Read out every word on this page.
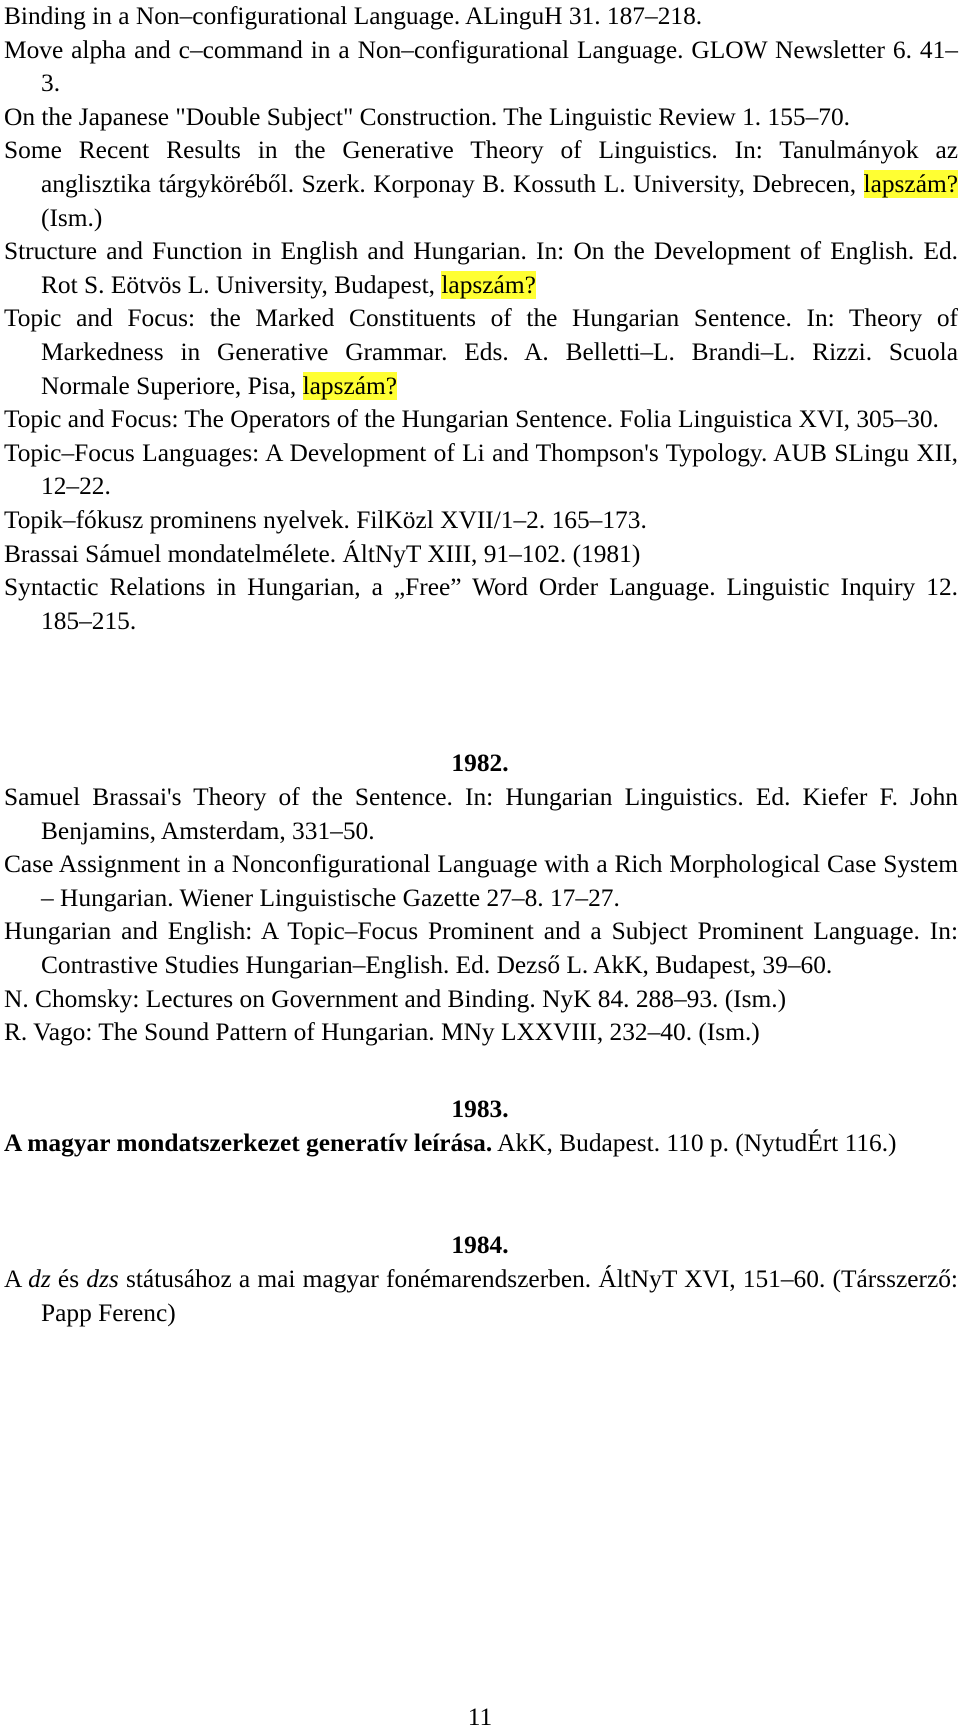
Binding in a Non–configurational Language. ALinguH 31. 187–218.

Move alpha and c–command in a Non–configurational Language. GLOW Newsletter 6. 41–3.

On the Japanese "Double Subject" Construction. The Linguistic Review 1. 155–70.

Some Recent Results in the Generative Theory of Linguistics. In: Tanulmányok az anglisztika tárgyköréből. Szerk. Korponay B. Kossuth L. University, Debrecen, lapszám? (Ism.)

Structure and Function in English and Hungarian. In: On the Development of English. Ed. Rot S. Eötvös L. University, Budapest, lapszám?

Topic and Focus: the Marked Constituents of the Hungarian Sentence. In: Theory of Markedness in Generative Grammar. Eds. A. Belletti–L. Brandi–L. Rizzi. Scuola Normale Superiore, Pisa, lapszám?

Topic and Focus: The Operators of the Hungarian Sentence. Folia Linguistica XVI, 305–30.

Topic–Focus Languages: A Development of Li and Thompson's Typology. AUB SLingu XII, 12–22.

Topik–fókusz prominens nyelvek. FilKözl XVII/1–2. 165–173.

Brassai Sámuel mondatelmélete. ÁltNyT XIII, 91–102. (1981)

Syntactic Relations in Hungarian, a „Free” Word Order Language. Linguistic Inquiry 12. 185–215.

1982.

Samuel Brassai's Theory of the Sentence. In: Hungarian Linguistics. Ed. Kiefer F. John Benjamins, Amsterdam, 331–50.

Case Assignment in a Nonconfigurational Language with a Rich Morphological Case System – Hungarian. Wiener Linguistische Gazette 27–8. 17–27.

Hungarian and English: A Topic–Focus Prominent and a Subject Prominent Language. In: Contrastive Studies Hungarian–English. Ed. Dezső L. AkK, Budapest, 39–60.

N. Chomsky: Lectures on Government and Binding. NyK 84. 288–93. (Ism.)

R. Vago: The Sound Pattern of Hungarian. MNy LXXVIII, 232–40. (Ism.)

1983.

A magyar mondatszerkezet generatív leírása. AkK, Budapest. 110 p. (NytudÉrt 116.)

1984.

A dz és dzs státusához a mai magyar fonémarendszerben. ÁltNyT XVI, 151–60. (Társszerző: Papp Ferenc)

11
